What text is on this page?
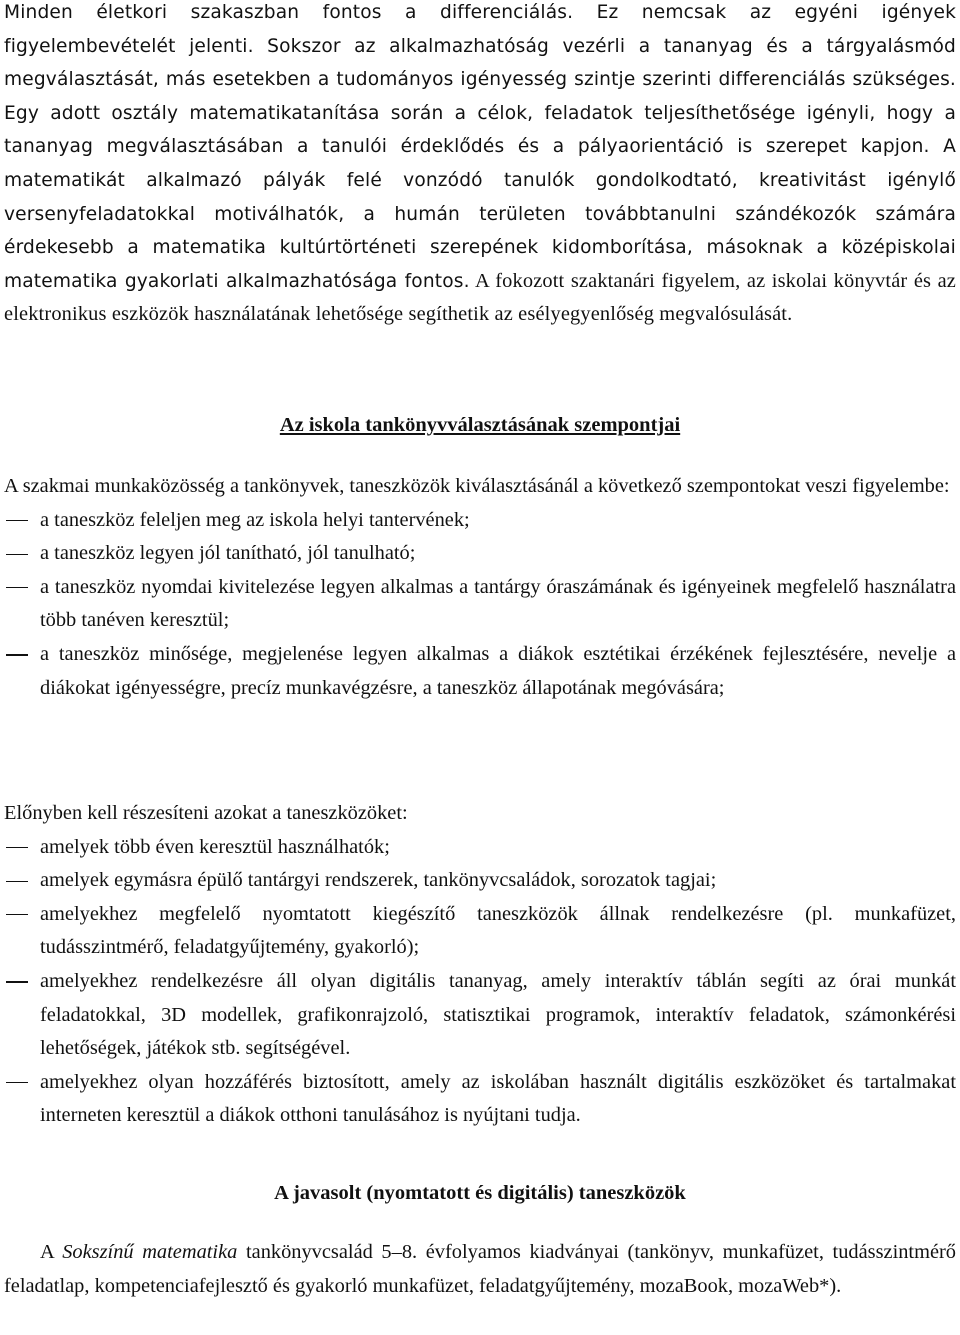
Minden életkori szakaszban fontos a differenciálás. Ez nemcsak az egyéni igények figyelembevételét jelenti. Sokszor az alkalmazhatóság vezérli a tananyag és a tárgyalásmód megválasztását, más esetekben a tudományos igényesség szintje szerinti differenciálás szükséges. Egy adott osztály matematikatanítása során a célok, feladatok teljesíthetősége igényli, hogy a tananyag megválasztásában a tanulói érdeklődés és a pályaorientáció is szerepet kapjon. A matematikát alkalmazó pályák felé vonzódó tanulók gondolkodtató, kreativitást igénylő versenyfeladatokkal motiválhatók, a humán területen továbbtanulni szándékozók számára érdekesebb a matematika kultúrtörténeti szerepének kidomborítása, másoknak a középiskolai matematika gyakorlati alkalmazhatósága fontos. A fokozott szaktanári figyelem, az iskolai könyvtár és az elektronikus eszközök használatának lehetősége segíthetik az esélyegyenlőség megvalósulását.

Az iskola tankönyvválasztásának szempontjai

A szakmai munkaközösség a tankönyvek, taneszközök kiválasztásánál a következő szempontokat veszi figyelembe:

a taneszköz feleljen meg az iskola helyi tantervének;
a taneszköz legyen jól tanítható, jól tanulható;
a taneszköz nyomdai kivitelezése legyen alkalmas a tantárgy óraszámának és igényeinek megfelelő használatra több tanéven keresztül;
a taneszköz minősége, megjelenése legyen alkalmas a diákok esztétikai érzékének fejlesztésére, nevelje a diákokat igényességre, precíz munkavégzésre, a taneszköz állapotának megóvására;

Előnyben kell részesíteni azokat a taneszközöket:

amelyek több éven keresztül használhatók;
amelyek egymásra épülő tantárgyi rendszerek, tankönyvcsaládok, sorozatok tagjai;
amelyekhez megfelelő nyomtatott kiegészítő taneszközök állnak rendelkezésre (pl. munkafüzet, tudásszintmérő, feladatgyűjtemény, gyakorló);
amelyekhez rendelkezésre áll olyan digitális tananyag, amely interaktív táblán segíti az órai munkát feladatokkal, 3D modellek, grafikonrajzoló, statisztikai programok, interaktív feladatok, számonkérési lehetőségek, játékok stb. segítségével.
amelyekhez olyan hozzáférés biztosított, amely az iskolában használt digitális eszközöket és tartalmakat interneten keresztül a diákok otthoni tanulásához is nyújtani tudja.
A javasolt (nyomtatott és digitális) taneszközök

A Sokszínű matematika tankönyvcsalád 5–8. évfolyamos kiadványai (tankönyv, munkafüzet, tudásszintmérő feladatlap, kompetenciafejlesztő és gyakorló munkafüzet, feladatgyűjtemény, mozaBook, mozaWeb*).
